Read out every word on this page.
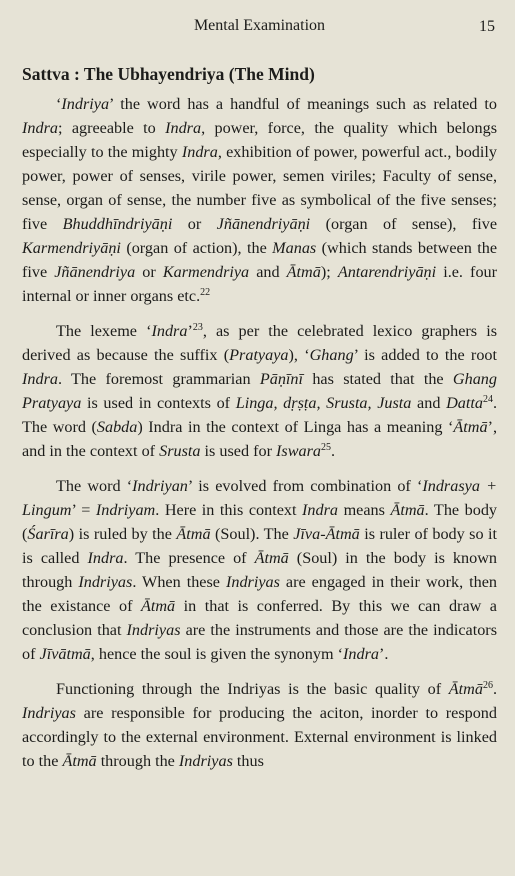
Mental Examination	15
Sattva : The Ubhayendriya (The Mind)

‘Indriya’ the word has a handful of meanings such as related to Indra; agreeable to Indra, power, force, the quality which belongs especially to the mighty Indra, exhibition of power, powerful act., bodily power, power of senses, virile power, semen viriles; Faculty of sense, sense, organ of sense, the number five as symbolical of the five senses; five Bhuddhīndriyāṇi or Jñānendriyāṇi (organ of sense), five Karmendriyāṇi (organ of action), the Manas (which stands between the five Jñānendriya or Karmendriya and Ātmā); Antarendriyāṇi i.e. four internal or inner organs etc.$^{22}$

The lexeme ‘Indra’$^{23}$, as per the celebrated lexico graphers is derived as because the suffix (Pratyaya), ‘Ghang’ is added to the root Indra. The foremost grammarian Pāṇīnī has stated that the Ghang Pratyaya is used in contexts of Linga, dṛṣṭa, Srusta, Justa and Datta$^{24}$. The word (Sabda) Indra in the context of Linga has a meaning ‘Ātmā’, and in the context of Srusta is used for Iswara$^{25}$.

The word ‘Indriyan’ is evolved from combination of ‘Indrasya + Lingum’ = Indriyam. Here in this context Indra means Ātmā. The body (Śarīra) is ruled by the Ātmā (Soul). The Jīva-Ātmā is ruler of body so it is called Indra. The presence of Ātmā (Soul) in the body is known through Indriyas. When these Indriyas are engaged in their work, then the existance of Ātmā in that is conferred. By this we can draw a conclusion that Indriyas are the instruments and those are the indicators of Jīvātmā, hence the soul is given the synonym ‘Indra’.

Functioning through the Indriyas is the basic quality of Ātmā$^{26}$. Indriyas are responsible for producing the aciton, inorder to respond accordingly to the external environment. External environment is linked to the Ātmā through the Indriyas thus
